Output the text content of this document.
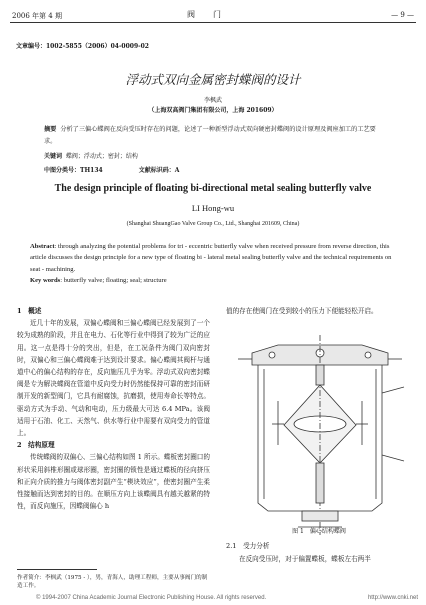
2006 年第 4 期	阀门	— 9 —
文章编号：1002-5855（2006）04-0009-02
浮动式双向金属密封蝶阀的设计
李枫武
（上海双高阀门集团有限公司，上海 201609）
摘要 分析了三偏心蝶阀在反向受压时存在的问题，论述了一种新型浮动式双向硬密封蝶阀的设计原理及阀座加工的工艺要求。
关键词 蝶阀；浮动式；密封；结构
中图分类号：TH134	文献标识码：A
The design principle of floating bi-directional metal sealing butterfly valve
LI Hong-wu
(Shanghai ShuangGao Valve Group Co., Ltd., Shanghai 201609, China)
Abstract: through analyzing the potential problems for tri - eccentric butterfly valve when received pressure from reverse direction, this article discusses the design principle for a new type of floating bi - lateral metal sealing butterfly valve and the technical requirements on seat - machining.
Key words: butterfly valve; floating; seal; structure
1　概述

近几十年的发展，双偏心蝶阀和三偏心蝶阀已经发展到了一个较为成熟的阶段，并且在电力、石化等行业中得到了较为广泛的应用。这一点是得十分的突出，但是，在工况条件为阀门双向密封时，双偏心和三偏心蝶阀难于达到设计要求。偏心蝶阀其阀杆与通道中心的偏心结构的存在，反向施压几乎为零。浮动式双向密封蝶阀是专为解决蝶阀在管道中反向受力时仍然能保持可靠的密封而研制开发的新型阀门，它具有耐腐蚀，抗磨损，使用寿命长等特点。驱动方式为手动、气动和电动，压力级最大可达 6.4 MPa。该阀适用于石油、化工、天然气、供水等行业中需要有双向受力的管道上。

2　结构原理

传统蝶阀的双偏心、三偏心结构如图 1 所示。蝶板密封圈口的形状采用斜椎形圈或球形圈，密封圈的锁性是通过蝶板的径向挤压和正向介质的推力与阀体密封副产生“楔块效应”，使密封圈产生柔性接触而达到密封的目的。在顺压方向上该蝶阀具有越关越紧的特性，而反向施压，因蝶阀偏心 h

值的存在使阀门在受到较小的压力下便能轻松开启。
图 1　偏心结构蝶阀
2.1　受力分析
在反向受压时，对于偏置蝶板，蝶板左右两半
作者简介：李枫武（1975 - ），男，青海人，助理工程师，主要从事阀门的制造工作。
© 1994-2007 China Academic Journal Electronic Publishing House. All rights reserved.	http://www.cnki.net
